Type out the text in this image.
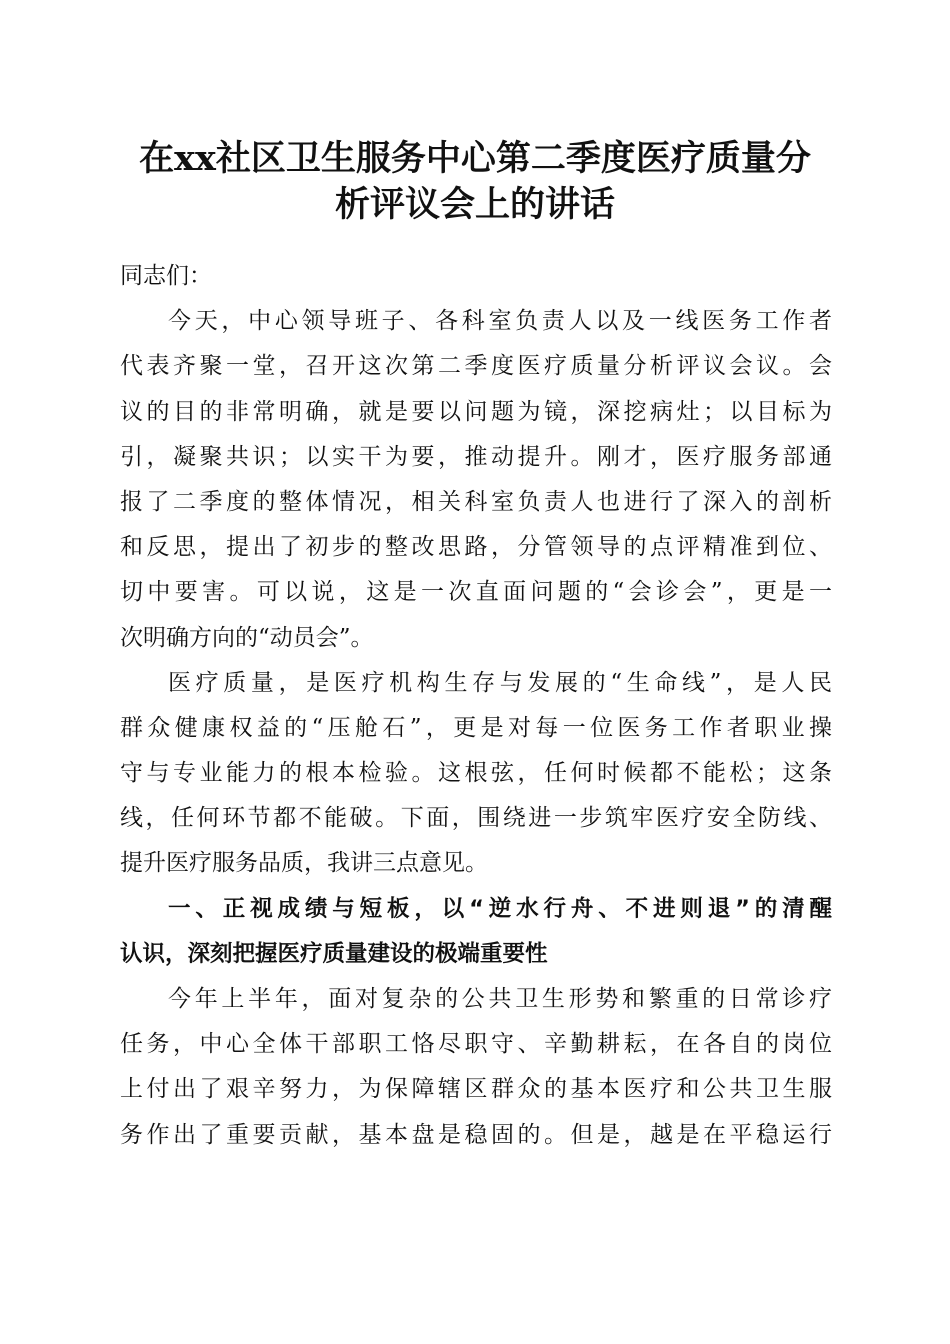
在xx社区卫生服务中心第二季度医疗质量分
析评议会上的讲话
同志们：
今天，中心领导班子、各科室负责人以及一线医务工作者
代表齐聚一堂，召开这次第二季度医疗质量分析评议会议。会
议的目的非常明确，就是要以问题为镜，深挖病灶；以目标为
引，凝聚共识；以实干为要，推动提升。刚才，医疗服务部通
报了二季度的整体情况，相关科室负责人也进行了深入的剖析
和反思，提出了初步的整改思路，分管领导的点评精准到位、
切中要害。可以说，这是一次直面问题的“会诊会”，更是一
次明确方向的“动员会”。
医疗质量，是医疗机构生存与发展的“生命线”，是人民
群众健康权益的“压舱石”，更是对每一位医务工作者职业操
守与专业能力的根本检验。这根弦，任何时候都不能松；这条
线，任何环节都不能破。下面，围绕进一步筑牢医疗安全防线、
提升医疗服务品质，我讲三点意见。
一、正视成绩与短板，以“逆水行舟、不进则退”的清醒
认识，深刻把握医疗质量建设的极端重要性
今年上半年，面对复杂的公共卫生形势和繁重的日常诊疗
任务，中心全体干部职工恪尽职守、辛勤耕耘，在各自的岗位
上付出了艰辛努力，为保障辖区群众的基本医疗和公共卫生服
务作出了重要贡献，基本盘是稳固的。但是，越是在平稳运行
